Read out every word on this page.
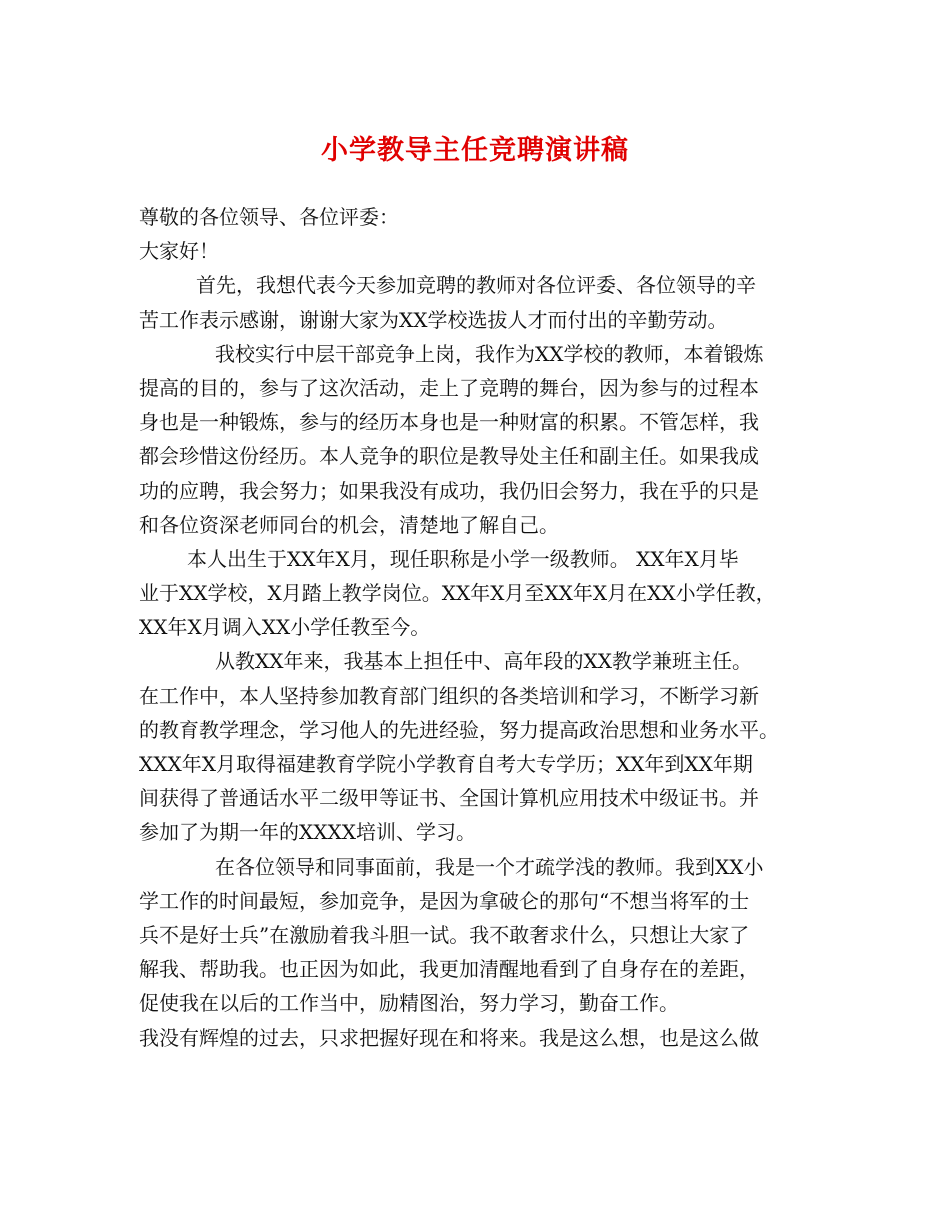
小学教导主任竞聘演讲稿
尊敬的各位领导、各位评委：
大家好！
首先，我想代表今天参加竞聘的教师对各位评委、各位领导的辛
苦工作表示感谢，谢谢大家为XX学校选拔人才而付出的辛勤劳动。
我校实行中层干部竞争上岗，我作为XX学校的教师，本着锻炼
提高的目的，参与了这次活动，走上了竞聘的舞台，因为参与的过程本
身也是一种锻炼，参与的经历本身也是一种财富的积累。不管怎样，我
都会珍惜这份经历。本人竞争的职位是教导处主任和副主任。如果我成
功的应聘，我会努力；如果我没有成功，我仍旧会努力，我在乎的只是
和各位资深老师同台的机会，清楚地了解自己。
本人出生于XX年X月，现任职称是小学一级教师。 XX年X月毕
业于XX学校，X月踏上教学岗位。XX年X月至XX年X月在XX小学任教，
XX年X月调入XX小学任教至今。
从教XX年来，我基本上担任中、高年段的XX教学兼班主任。
在工作中，本人坚持参加教育部门组织的各类培训和学习，不断学习新
的教育教学理念，学习他人的先进经验，努力提高政治思想和业务水平。
XXX年X月取得福建教育学院小学教育自考大专学历；XX年到XX年期
间获得了普通话水平二级甲等证书、全国计算机应用技术中级证书。并
参加了为期一年的XXXX培训、学习。
在各位领导和同事面前，我是一个才疏学浅的教师。我到XX小
学工作的时间最短，参加竞争，是因为拿破仑的那句“不想当将军的士
兵不是好士兵”在激励着我斗胆一试。我不敢奢求什么，只想让大家了
解我、帮助我。也正因为如此，我更加清醒地看到了自身存在的差距，
促使我在以后的工作当中，励精图治，努力学习，勤奋工作。
我没有辉煌的过去，只求把握好现在和将来。我是这么想，也是这么做
